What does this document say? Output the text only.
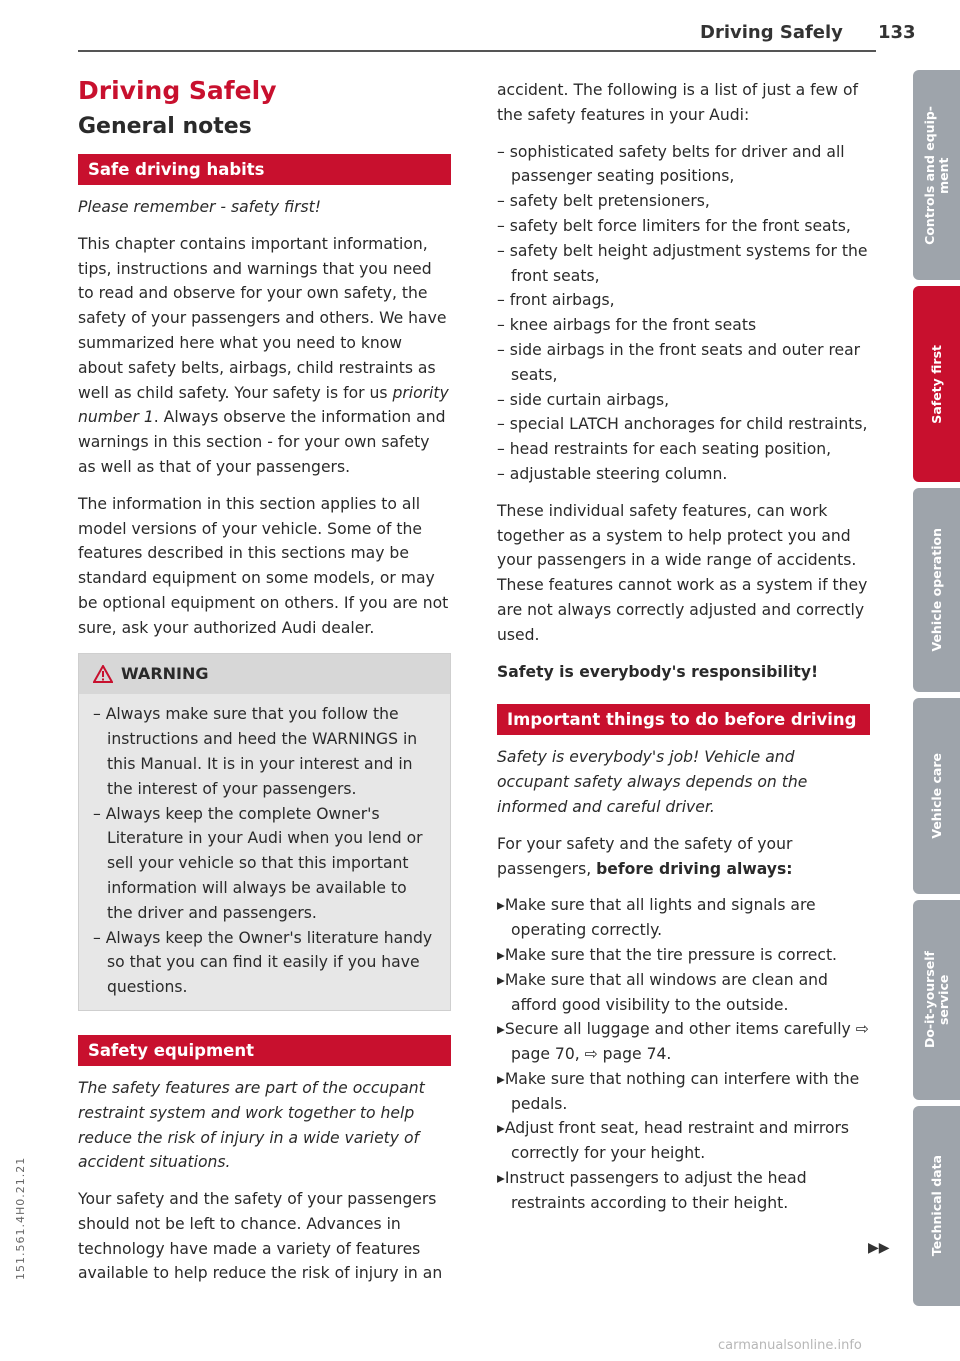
Driving Safely 133
Driving Safely
General notes
Safe driving habits

Please remember - safety first!

This chapter contains important information, tips, instructions and warnings that you need to read and observe for your own safety, the safety of your passengers and others. We have summarized here what you need to know about safety belts, airbags, child restraints as well as child safety. Your safety is for us priority number 1. Always observe the information and warnings in this section - for your own safety as well as that of your passengers.

The information in this section applies to all model versions of your vehicle. Some of the features described in this sections may be standard equipment on some models, or may be optional equipment on others. If you are not sure, ask your authorized Audi dealer.

WARNING
– Always make sure that you follow the instructions and heed the WARNINGS in this Manual. It is in your interest and in the interest of your passengers.
– Always keep the complete Owner's Literature in your Audi when you lend or sell your vehicle so that this important information will always be available to the driver and passengers.
– Always keep the Owner's literature handy so that you can find it easily if you have questions.
Safety equipment

The safety features are part of the occupant restraint system and work together to help reduce the risk of injury in a wide variety of accident situations.

Your safety and the safety of your passengers should not be left to chance. Advances in technology have made a variety of features available to help reduce the risk of injury in an

accident. The following is a list of just a few of the safety features in your Audi:

– sophisticated safety belts for driver and all passenger seating positions,
– safety belt pretensioners,
– safety belt force limiters for the front seats,
– safety belt height adjustment systems for the front seats,
– front airbags,
– knee airbags for the front seats
– side airbags in the front seats and outer rear seats,
– side curtain airbags,
– special LATCH anchorages for child restraints,
– head restraints for each seating position,
– adjustable steering column.

These individual safety features, can work together as a system to help protect you and your passengers in a wide range of accidents. These features cannot work as a system if they are not always correctly adjusted and correctly used.

Safety is everybody's responsibility!

Important things to do before driving

Safety is everybody's job! Vehicle and occupant safety always depends on the informed and careful driver.

For your safety and the safety of your passengers, before driving always:

▸ Make sure that all lights and signals are operating correctly.
▸ Make sure that the tire pressure is correct.
▸ Make sure that all windows are clean and afford good visibility to the outside.
▸ Secure all luggage and other items carefully ⇨ page 70, ⇨ page 74.
▸ Make sure that nothing can interfere with the pedals.
▸ Adjust front seat, head restraint and mirrors correctly for your height.
▸ Instruct passengers to adjust the head restraints according to their height.
▶▶
Controls and equip-
ment
Safety first
Vehicle operation
Vehicle care
Do-it-yourself
service
Technical data
151.561.4H0.21.21
carmanualsonline.info
